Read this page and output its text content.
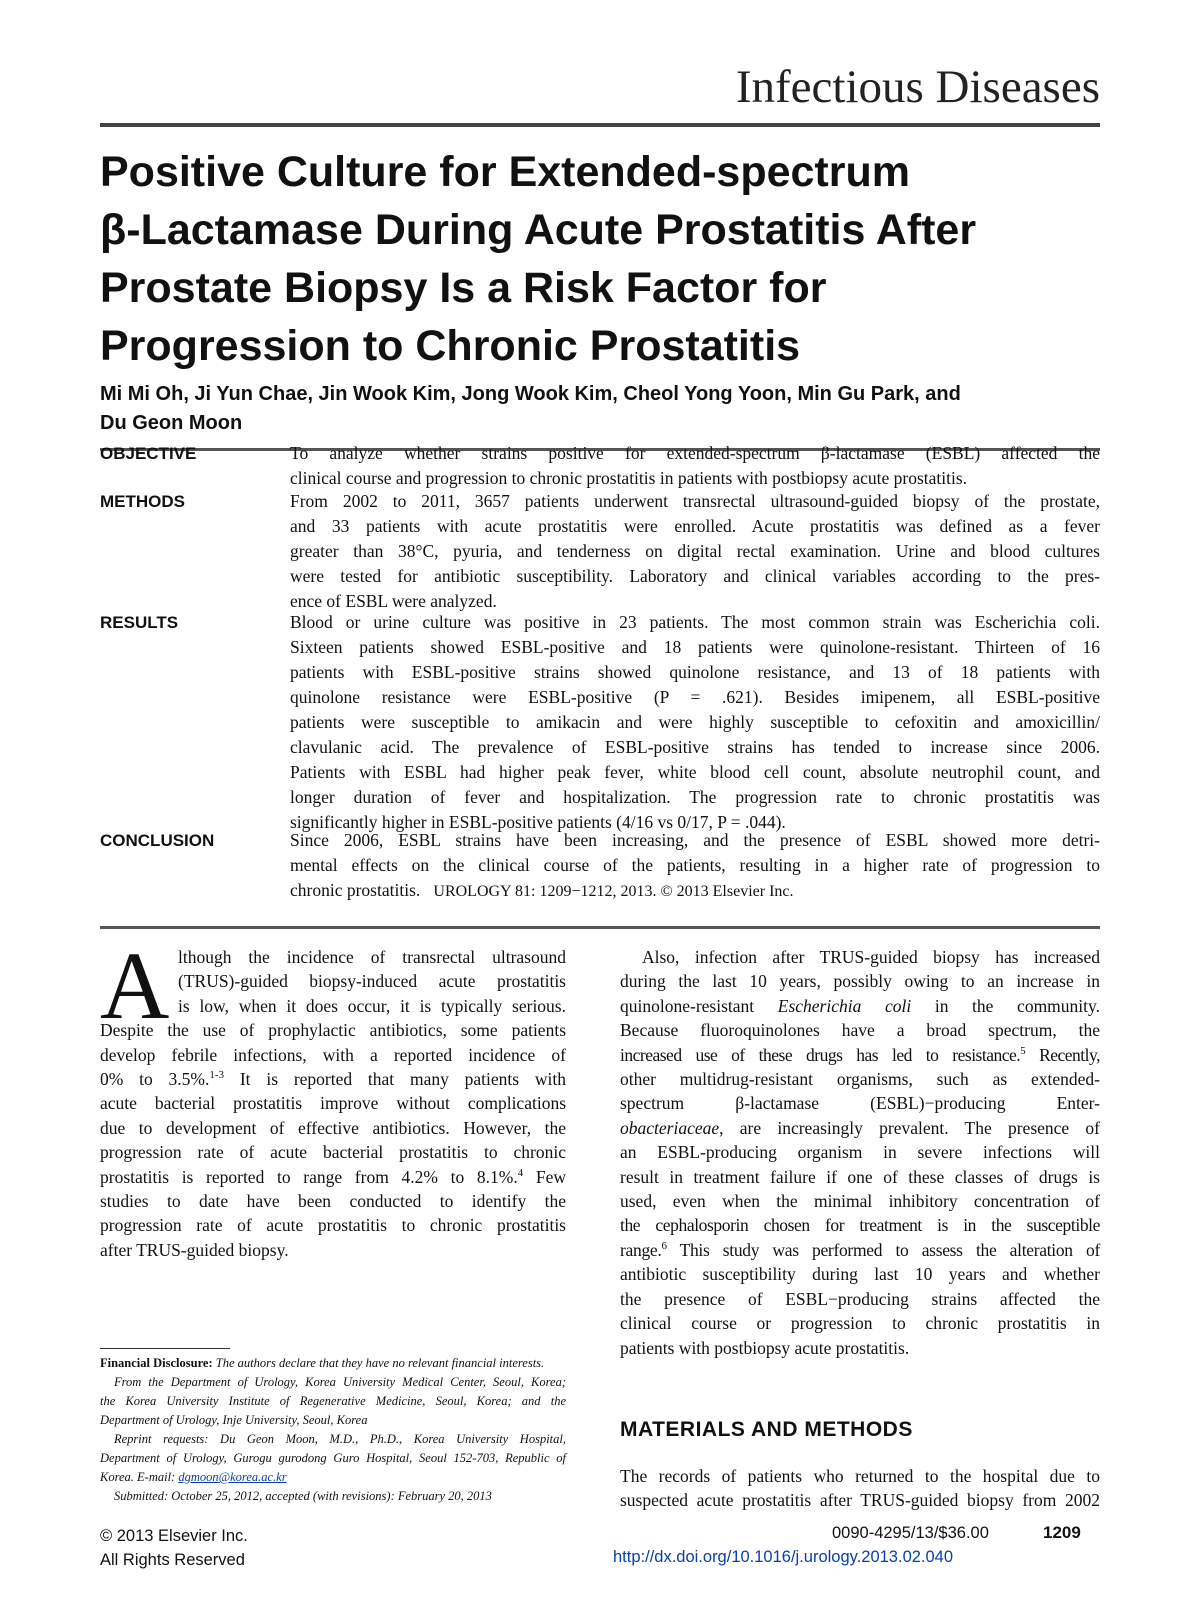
Infectious Diseases
Positive Culture for Extended-spectrum
β-Lactamase During Acute Prostatitis After
Prostate Biopsy Is a Risk Factor for
Progression to Chronic Prostatitis
Mi Mi Oh, Ji Yun Chae, Jin Wook Kim, Jong Wook Kim, Cheol Yong Yoon, Min Gu Park, and
Du Geon Moon
OBJECTIVE	To analyze whether strains positive for extended-spectrum β-lactamase (ESBL) affected the
clinical course and progression to chronic prostatitis in patients with postbiopsy acute prostatitis.
METHODS	From 2002 to 2011, 3657 patients underwent transrectal ultrasound-guided biopsy of the prostate,
and 33 patients with acute prostatitis were enrolled. Acute prostatitis was defined as a fever
greater than 38°C, pyuria, and tenderness on digital rectal examination. Urine and blood cultures
were tested for antibiotic susceptibility. Laboratory and clinical variables according to the pres-
ence of ESBL were analyzed.
RESULTS	Blood or urine culture was positive in 23 patients. The most common strain was Escherichia coli.
Sixteen patients showed ESBL-positive and 18 patients were quinolone-resistant. Thirteen of 16
patients with ESBL-positive strains showed quinolone resistance, and 13 of 18 patients with
quinolone resistance were ESBL-positive (P = .621). Besides imipenem, all ESBL-positive
patients were susceptible to amikacin and were highly susceptible to cefoxitin and amoxicillin/
clavulanic acid. The prevalence of ESBL-positive strains has tended to increase since 2006.
Patients with ESBL had higher peak fever, white blood cell count, absolute neutrophil count, and
longer duration of fever and hospitalization. The progression rate to chronic prostatitis was
significantly higher in ESBL-positive patients (4/16 vs 0/17, P = .044).
CONCLUSION	Since 2006, ESBL strains have been increasing, and the presence of ESBL showed more detri-
mental effects on the clinical course of the patients, resulting in a higher rate of progression to
chronic prostatitis. UROLOGY 81: 1209−1212, 2013. © 2013 Elsevier Inc.
A lthough the incidence of transrectal ultrasound
(TRUS)-guided biopsy-induced acute prostatitis
is low, when it does occur, it is typically serious.
Despite the use of prophylactic antibiotics, some patients
develop febrile infections, with a reported incidence of
0% to 3.5%.$^{1-3}$ It is reported that many patients with
acute bacterial prostatitis improve without complications
due to development of effective antibiotics. However, the
progression rate of acute bacterial prostatitis to chronic
prostatitis is reported to range from 4.2% to 8.1%.$^4$ Few
studies to date have been conducted to identify the
progression rate of acute prostatitis to chronic prostatitis
after TRUS-guided biopsy.
Also, infection after TRUS-guided biopsy has increased
during the last 10 years, possibly owing to an increase in
quinolone-resistant Escherichia coli in the community.
Because fluoroquinolones have a broad spectrum, the
increased use of these drugs has led to resistance.$^5$ Recently,
other multidrug-resistant organisms, such as extended-
spectrum β-lactamase (ESBL)−producing Enter-
obacteriaceae, are increasingly prevalent. The presence of
an ESBL-producing organism in severe infections will
result in treatment failure if one of these classes of drugs is
used, even when the minimal inhibitory concentration of
the cephalosporin chosen for treatment is in the susceptible
range.$^6$ This study was performed to assess the alteration of
antibiotic susceptibility during last 10 years and whether
the presence of ESBL−producing strains affected the
clinical course or progression to chronic prostatitis in
patients with postbiopsy acute prostatitis.
Financial Disclosure: The authors declare that they have no relevant financial interests.
From the Department of Urology, Korea University Medical Center, Seoul, Korea;
the Korea University Institute of Regenerative Medicine, Seoul, Korea; and the
Department of Urology, Inje University, Seoul, Korea
Reprint requests: Du Geon Moon, M.D., Ph.D., Korea University Hospital,
Department of Urology, Gurogu gurodong Guro Hospital, Seoul 152-703, Republic of
Korea. E-mail: dgmoon@korea.ac.kr
Submitted: October 25, 2012, accepted (with revisions): February 20, 2013
MATERIALS AND METHODS
The records of patients who returned to the hospital due to
suspected acute prostatitis after TRUS-guided biopsy from 2002
© 2013 Elsevier Inc.
All Rights Reserved
0090-4295/13/$36.00	1209
http://dx.doi.org/10.1016/j.urology.2013.02.040
